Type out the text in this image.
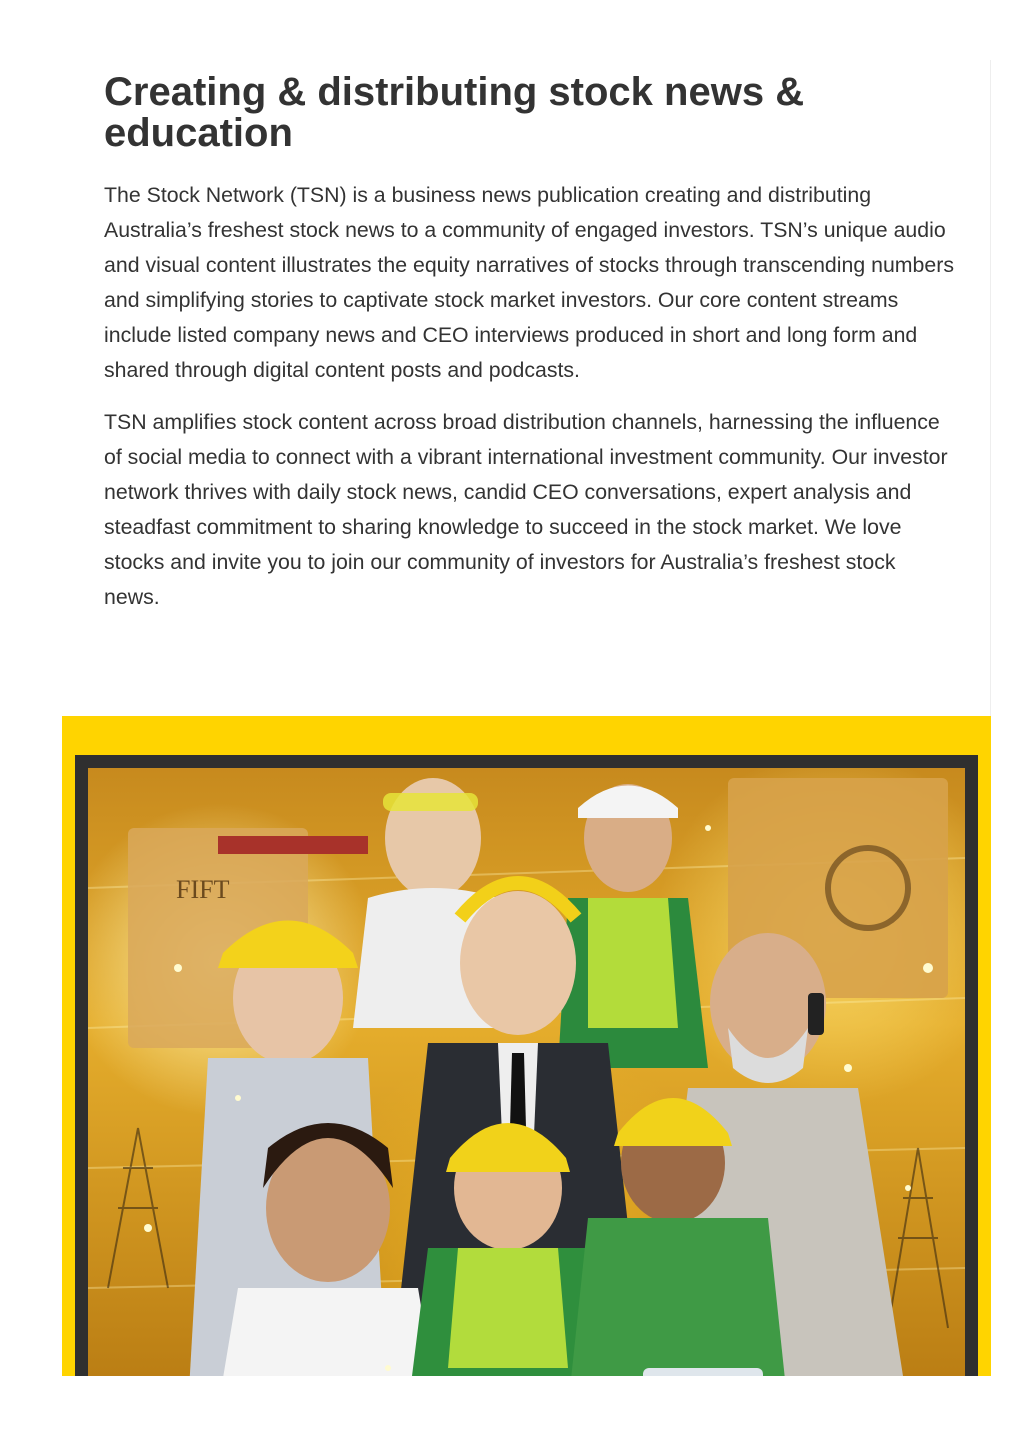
Creating & distributing stock news & education

The Stock Network (TSN) is a business news publication creating and distributing Australia’s freshest stock news to a community of engaged investors. TSN’s unique audio and visual content illustrates the equity narratives of stocks through transcending numbers and simplifying stories to captivate stock market investors. Our core content streams include listed company news and CEO interviews produced in short and long form and shared through digital content posts and podcasts.

TSN amplifies stock content across broad distribution channels, harnessing the influence of social media to connect with a vibrant international investment community. Our investor network thrives with daily stock news, candid CEO conversations, expert analysis and steadfast commitment to sharing knowledge to succeed in the stock market. We love stocks and invite you to join our community of investors for Australia’s freshest stock news.

FIFT
